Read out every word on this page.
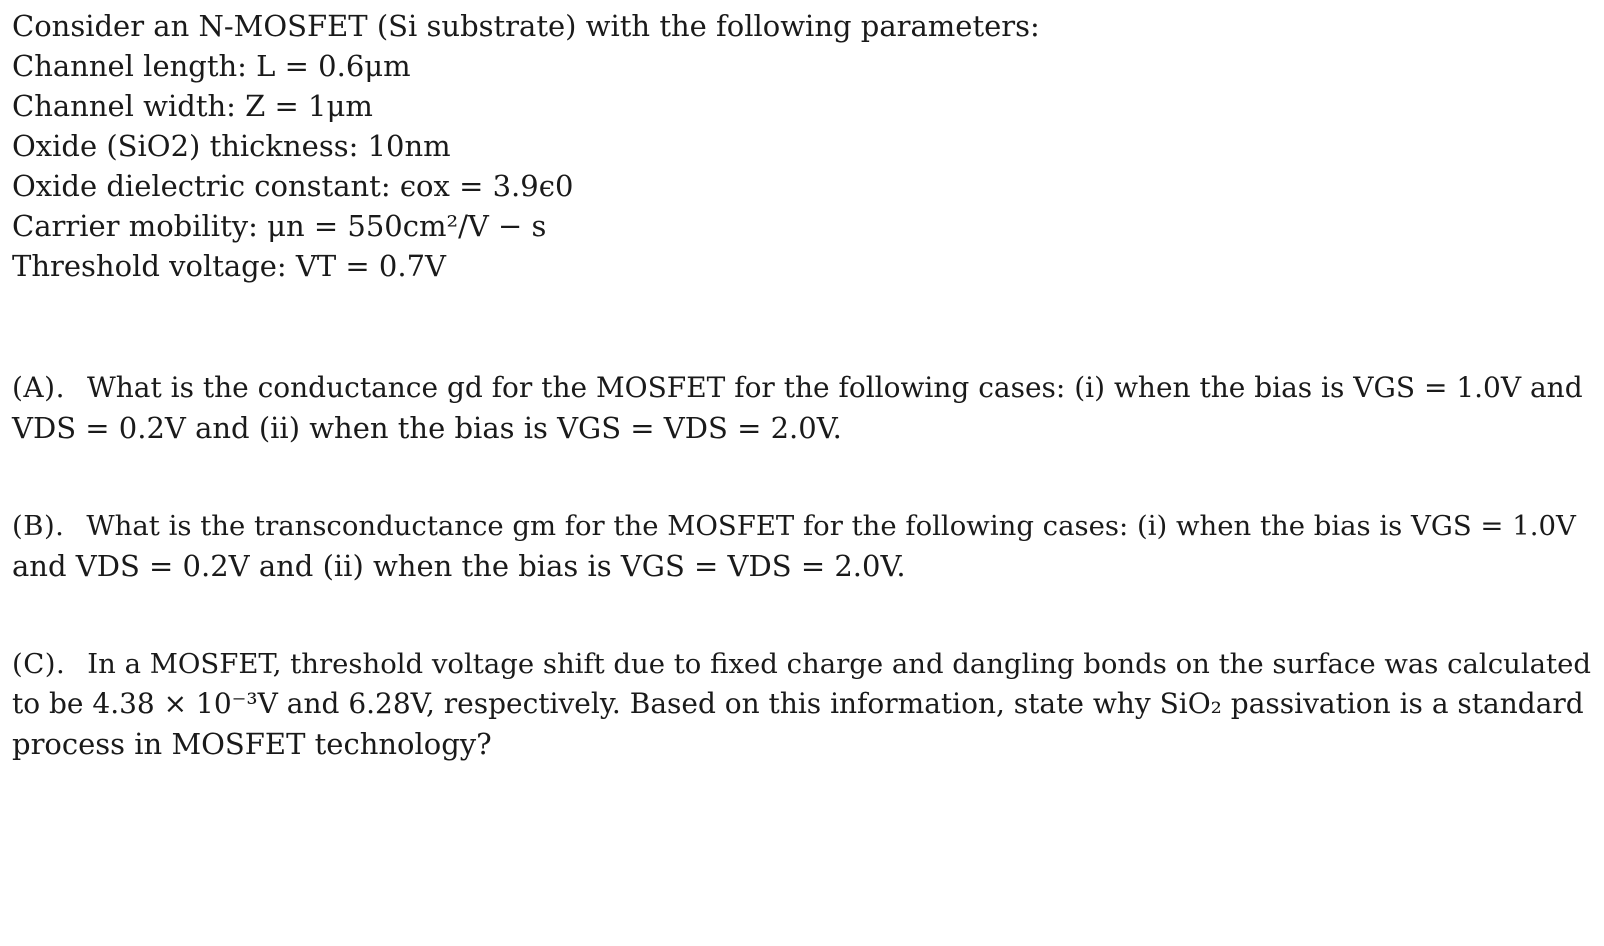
Consider an N-MOSFET (Si substrate) with the following parameters:
Channel length: L = 0.6μm
Channel width: Z = 1μm
Oxide (SiO2) thickness: 10nm
Oxide dielectric constant: ϵox = 3.9ϵ0
Carrier mobility: μn = 550cm²/V − s
Threshold voltage: VT = 0.7V
(A). What is the conductance gd for the MOSFET for the following cases: (i) when the bias is VGS = 1.0V and
VDS = 0.2V and (ii) when the bias is VGS = VDS = 2.0V.
(B). What is the transconductance gm for the MOSFET for the following cases: (i) when the bias is VGS = 1.0V
and VDS = 0.2V and (ii) when the bias is VGS = VDS = 2.0V.
(C). In a MOSFET, threshold voltage shift due to fixed charge and dangling bonds on the surface was calculated
to be 4.38 × 10⁻³V and 6.28V, respectively. Based on this information, state why SiO₂ passivation is a standard
process in MOSFET technology?
